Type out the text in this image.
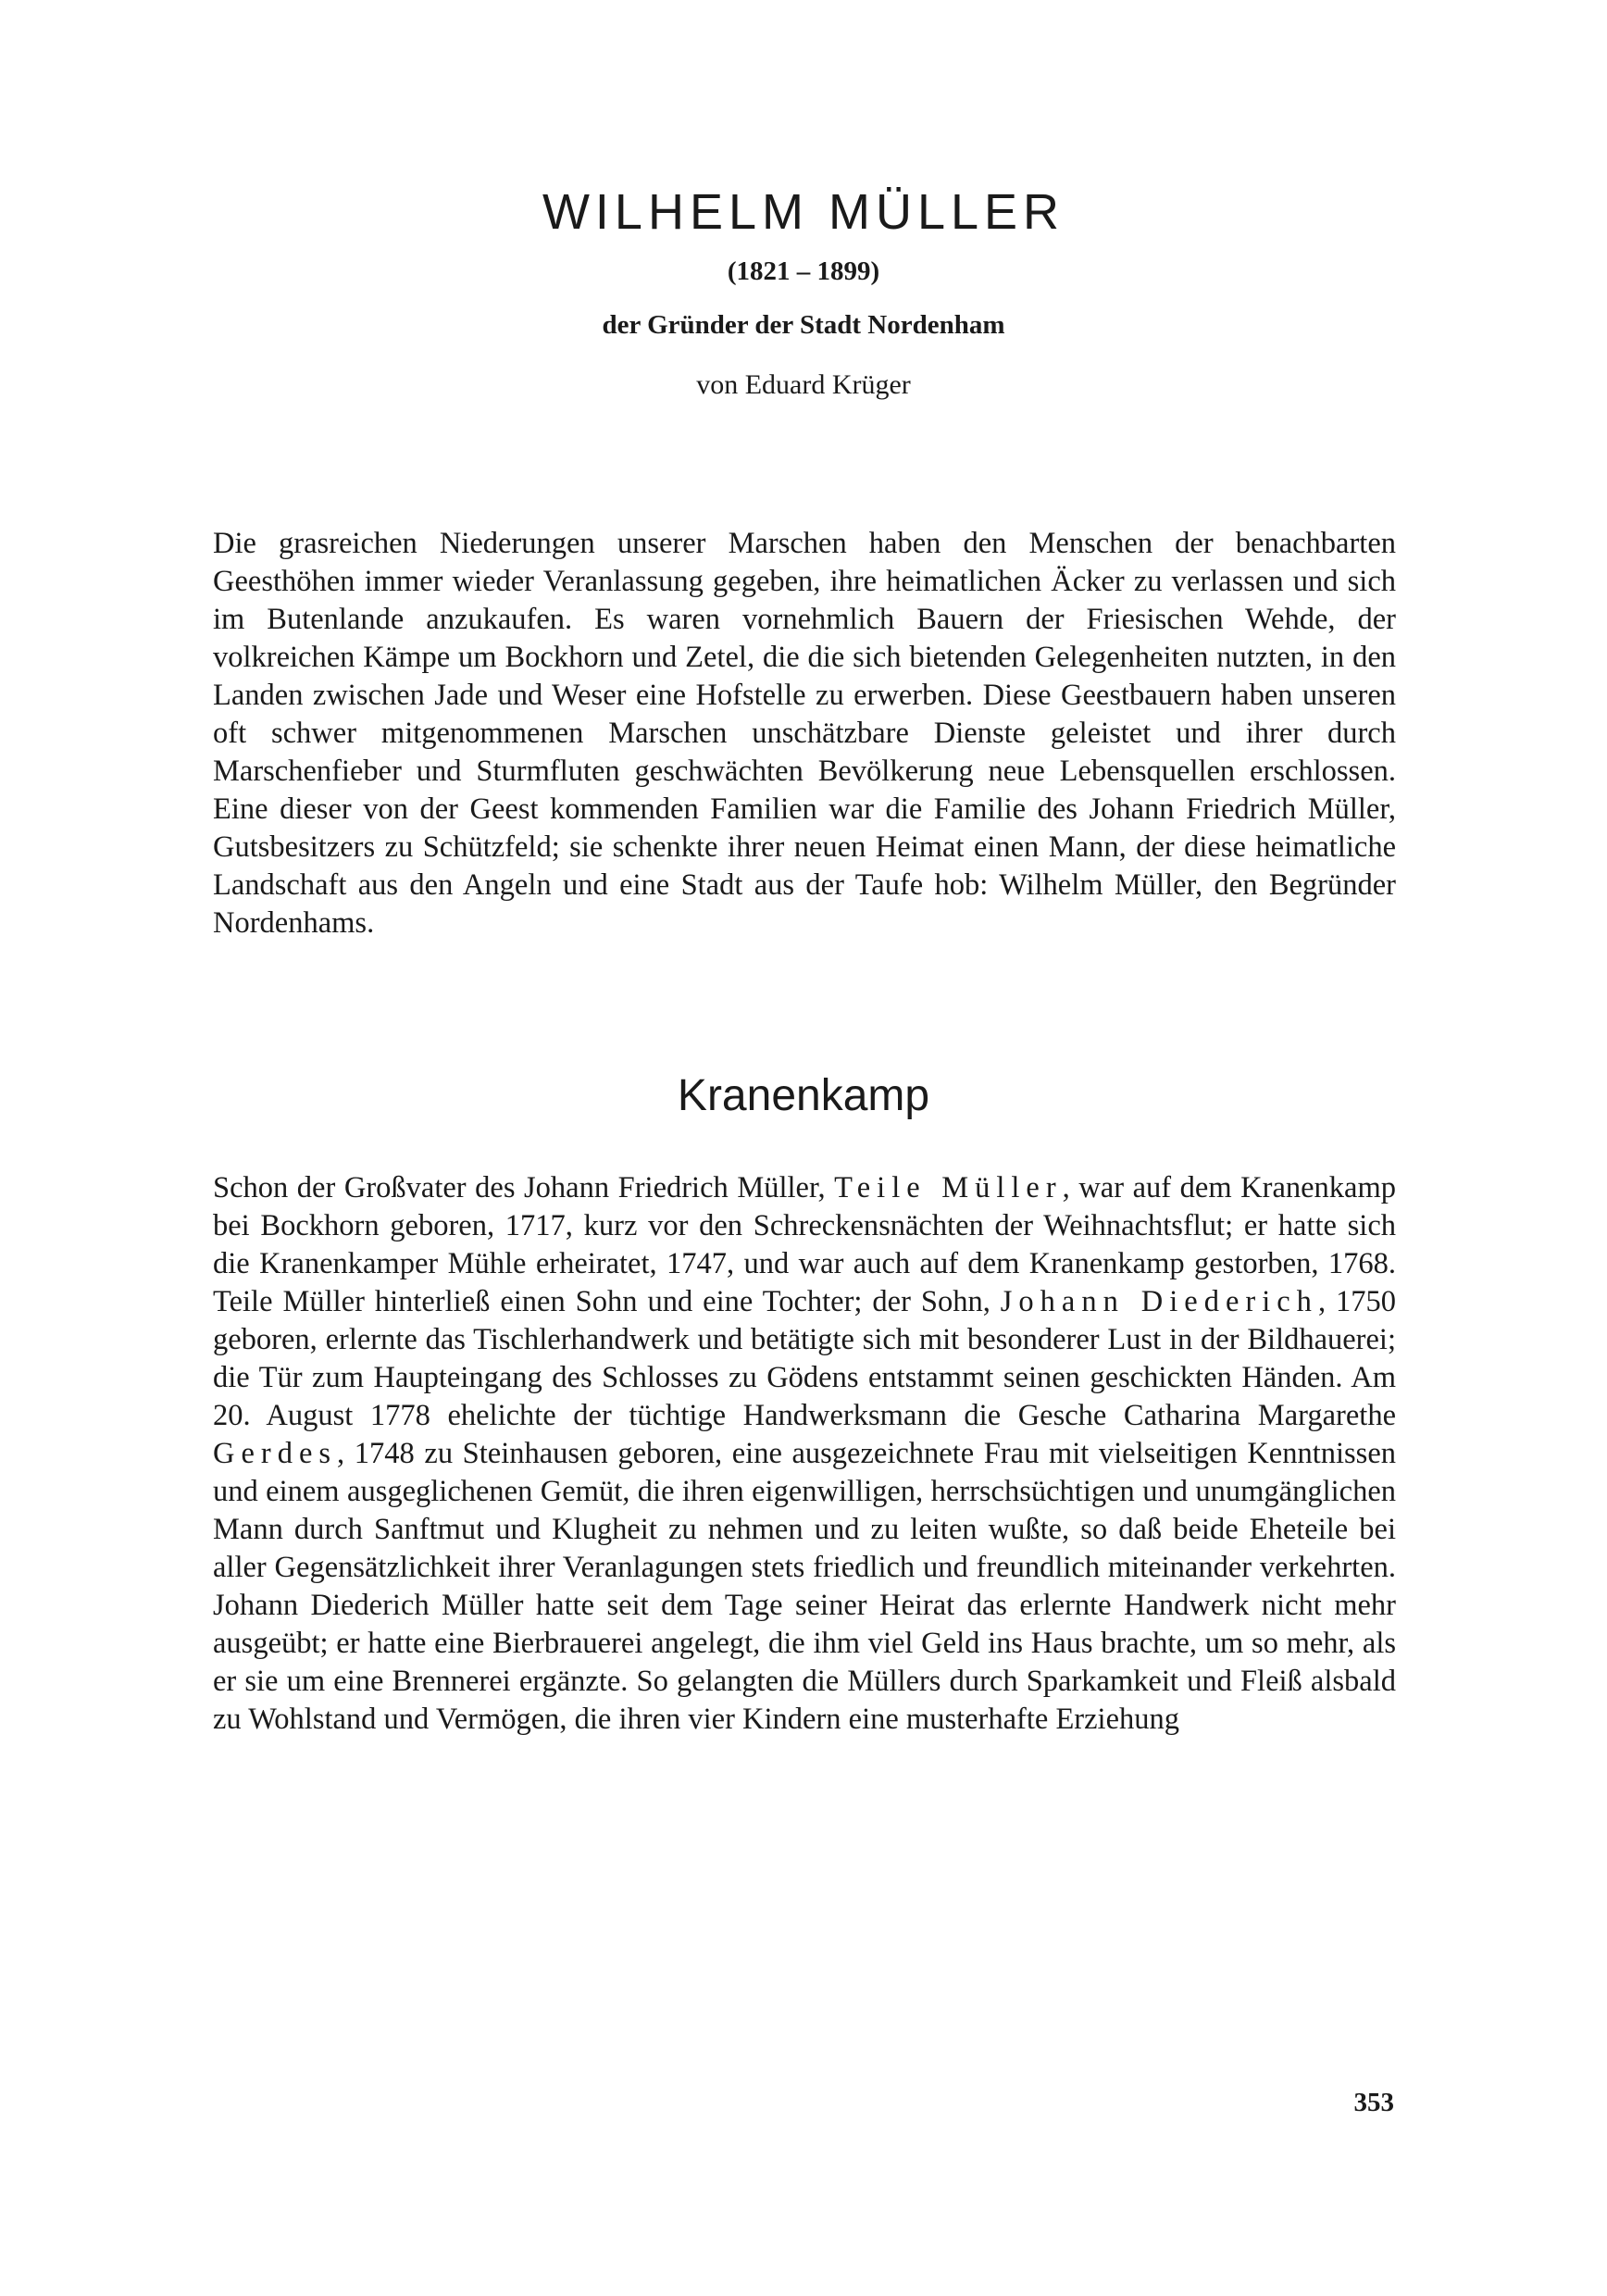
WILHELM MÜLLER
(1821 – 1899)
der Gründer der Stadt Nordenham
von Eduard Krüger

Die grasreichen Niederungen unserer Marschen haben den Menschen der benachbarten Geesthöhen immer wieder Veranlassung gegeben, ihre heimatlichen Äcker zu verlassen und sich im Butenlande anzukaufen. Es waren vornehmlich Bauern der Friesischen Wehde, der volkreichen Kämpe um Bockhorn und Zetel, die die sich bietenden Gelegenheiten nutzten, in den Landen zwischen Jade und Weser eine Hofstelle zu erwerben. Diese Geestbauern haben unseren oft schwer mitgenommenen Marschen unschätzbare Dienste geleistet und ihrer durch Marschenfieber und Sturmfluten geschwächten Bevölkerung neue Lebensquellen erschlossen. Eine dieser von der Geest kommenden Familien war die Familie des Johann Friedrich Müller, Gutsbesitzers zu Schützfeld; sie schenkte ihrer neuen Heimat einen Mann, der diese heimatliche Landschaft aus den Angeln und eine Stadt aus der Taufe hob: Wilhelm Müller, den Begründer Nordenhams.

Kranenkamp

Schon der Großvater des Johann Friedrich Müller, Teile Müller, war auf dem Kranenkamp bei Bockhorn geboren, 1717, kurz vor den Schreckensnächten der Weihnachtsflut; er hatte sich die Kranenkamper Mühle erheiratet, 1747, und war auch auf dem Kranenkamp gestorben, 1768. Teile Müller hinterließ einen Sohn und eine Tochter; der Sohn, Johann Diederich, 1750 geboren, erlernte das Tischlerhandwerk und betätigte sich mit besonderer Lust in der Bildhauerei; die Tür zum Haupteingang des Schlosses zu Gödens entstammt seinen geschickten Händen. Am 20. August 1778 ehelichte der tüchtige Handwerksmann die Gesche Catharina Margarethe Gerdes, 1748 zu Steinhausen geboren, eine ausgezeichnete Frau mit vielseitigen Kenntnissen und einem ausgeglichenen Gemüt, die ihren eigenwilligen, herrschsüchtigen und unumgänglichen Mann durch Sanftmut und Klugheit zu nehmen und zu leiten wußte, so daß beide Eheteile bei aller Gegensätzlichkeit ihrer Veranlagungen stets friedlich und freundlich miteinander verkehrten. Johann Diederich Müller hatte seit dem Tage seiner Heirat das erlernte Handwerk nicht mehr ausgeübt; er hatte eine Bierbrauerei angelegt, die ihm viel Geld ins Haus brachte, um so mehr, als er sie um eine Brennerei ergänzte. So gelangten die Müllers durch Sparkamkeit und Fleiß alsbald zu Wohlstand und Vermögen, die ihren vier Kindern eine musterhafte Erziehung

353
